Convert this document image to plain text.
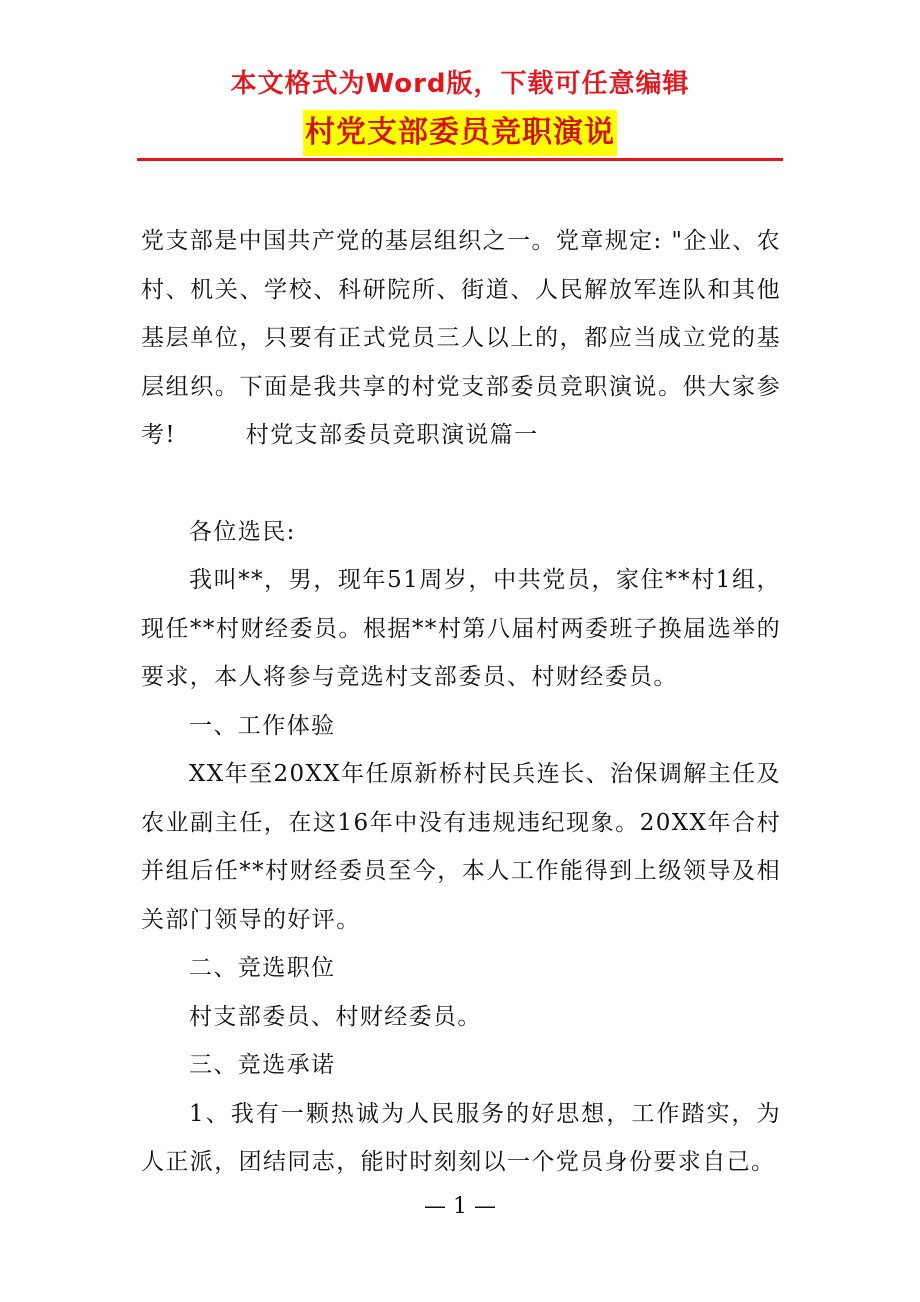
本文格式为Word版，下载可任意编辑
村党支部委员竞职演说

党支部是中国共产党的基层组织之一。党章规定: "企业、农村、机关、学校、科研院所、街道、人民解放军连队和其他基层单位，只要有正式党员三人以上的，都应当成立党的基层组织。下面是我共享的村党支部委员竞职演说。供大家参考!	村党支部委员竞职演说篇一

各位选民:

我叫**，男，现年51周岁，中共党员，家住**村1组，现任**村财经委员。根据**村第八届村两委班子换届选举的要求，本人将参与竞选村支部委员、村财经委员。

一、工作体验

XX年至20XX年任原新桥村民兵连长、治保调解主任及农业副主任，在这16年中没有违规违纪现象。20XX年合村并组后任**村财经委员至今，本人工作能得到上级领导及相关部门领导的好评。

二、竞选职位

村支部委员、村财经委员。

三、竞选承诺

1、我有一颗热诚为人民服务的好思想，工作踏实，为人正派，团结同志，能时时刻刻以一个党员身份要求自己。

— 1 —
